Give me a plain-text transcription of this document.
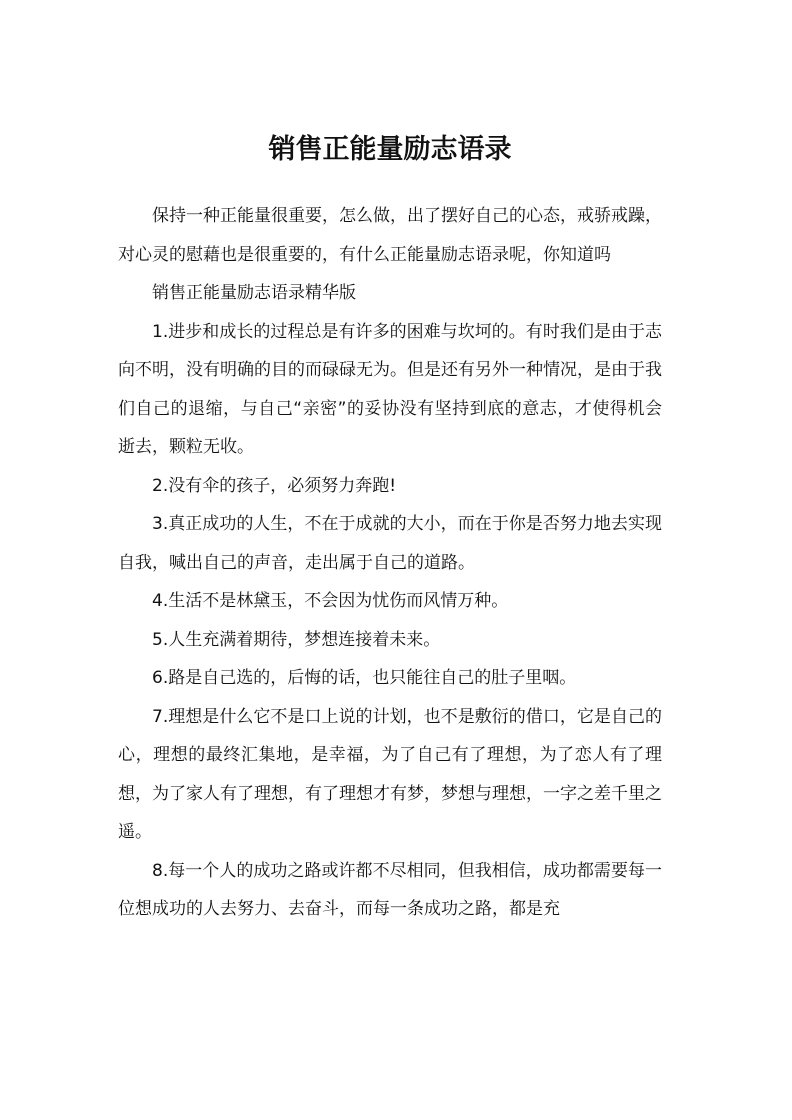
销售正能量励志语录

保持一种正能量很重要，怎么做，出了摆好自己的心态，戒骄戒躁，对心灵的慰藉也是很重要的，有什么正能量励志语录呢，你知道吗

销售正能量励志语录精华版

1.进步和成长的过程总是有许多的困难与坎坷的。有时我们是由于志向不明，没有明确的目的而碌碌无为。但是还有另外一种情况，是由于我们自己的退缩，与自己“亲密”的妥协没有坚持到底的意志，才使得机会逝去，颗粒无收。

2.没有伞的孩子，必须努力奔跑!

3.真正成功的人生，不在于成就的大小，而在于你是否努力地去实现自我，喊出自己的声音，走出属于自己的道路。

4.生活不是林黛玉，不会因为忧伤而风情万种。

5.人生充满着期待，梦想连接着未来。

6.路是自己选的，后悔的话，也只能往自己的肚子里咽。

7.理想是什么它不是口上说的计划，也不是敷衍的借口，它是自己的心，理想的最终汇集地，是幸福，为了自己有了理想，为了恋人有了理想，为了家人有了理想，有了理想才有梦，梦想与理想，一字之差千里之遥。

8.每一个人的成功之路或许都不尽相同，但我相信，成功都需要每一位想成功的人去努力、去奋斗，而每一条成功之路，都是充
